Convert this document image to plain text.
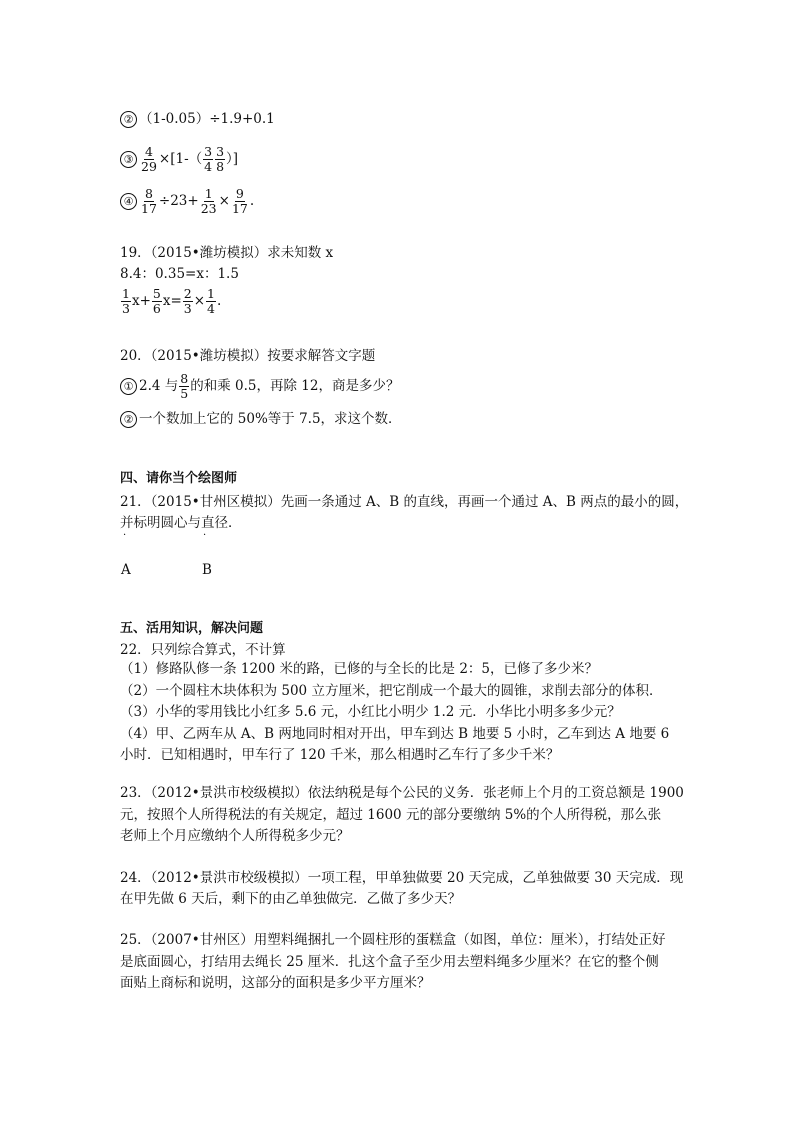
② （1-0.05）÷1.9+0.1
③ $\frac{4}{29} \times[1-( \frac{3}{4} \frac{3}{8}$ ）]
④ $\frac{8}{17} \div 23+ \frac{1}{23} \times \frac{9}{17}$ .
19．（2015•潍坊模拟）求未知数 x
8.4：0.35=x：1.5
$\frac{1}{3} x+ \frac{5}{6} x= \frac{2}{3} \times \frac{1}{4}$ .
20．（2015•潍坊模拟）按要求解答文字题
① 2.4 与 $\frac{8}{5}$ 的和乘 0.5，再除 12，商是多少？
② 一个数加上它的 50%等于 7.5，求这个数．
四、请你当个绘图师
21．（2015•甘州区模拟）先画一条通过 A、B 的直线，再画一个通过 A、B 两点的最小的圆，
并标明圆心与直径．
·	·
A	B
五、活用知识，解决问题
22．只列综合算式，不计算
（1）修路队修一条 1200 米的路，已修的与全长的比是 2：5，已修了多少米？
（2）一个圆柱木块体积为 500 立方厘米，把它削成一个最大的圆锥，求削去部分的体积．
（3）小华的零用钱比小红多 5.6 元，小红比小明少 1.2 元．小华比小明多多少元？
（4）甲、乙两车从 A、B 两地同时相对开出，甲车到达 B 地要 5 小时，乙车到达 A 地要 6
小时．已知相遇时，甲车行了 120 千米，那么相遇时乙车行了多少千米？
23．（2012•景洪市校级模拟）依法纳税是每个公民的义务．张老师上个月的工资总额是 1900
元，按照个人所得税法的有关规定，超过 1600 元的部分要缴纳 5%的个人所得税，那么张
老师上个月应缴纳个人所得税多少元？
24．（2012•景洪市校级模拟）一项工程，甲单独做要 20 天完成，乙单独做要 30 天完成．现
在甲先做 6 天后，剩下的由乙单独做完．乙做了多少天？
25．（2007•甘州区）用塑料绳捆扎一个圆柱形的蛋糕盒（如图，单位：厘米），打结处正好
是底面圆心，打结用去绳长 25 厘米．扎这个盒子至少用去塑料绳多少厘米？在它的整个侧
面贴上商标和说明，这部分的面积是多少平方厘米？
